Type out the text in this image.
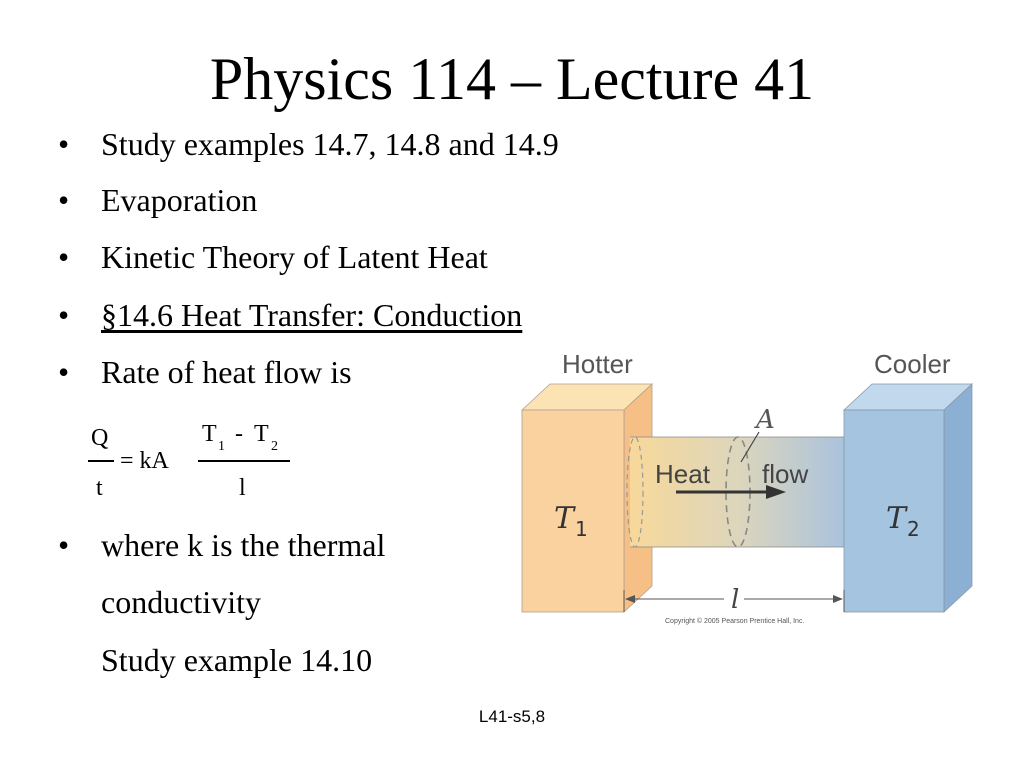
Physics 114 – Lecture 41
• Study examples 14.7, 14.8 and 14.9
• Evaporation
• Kinetic Theory of Latent Heat
• §14.6 Heat Transfer: Conduction
• Rate of heat flow is
Q
t
= kA
T 1 - T 2
l
• where k is the thermal
conductivity
Study example 14.10
Hotter	Cooler
A
Heat flow
T 1	T 2
l
Copyright © 2005 Pearson Prentice Hall, Inc.
L41-s5,8
